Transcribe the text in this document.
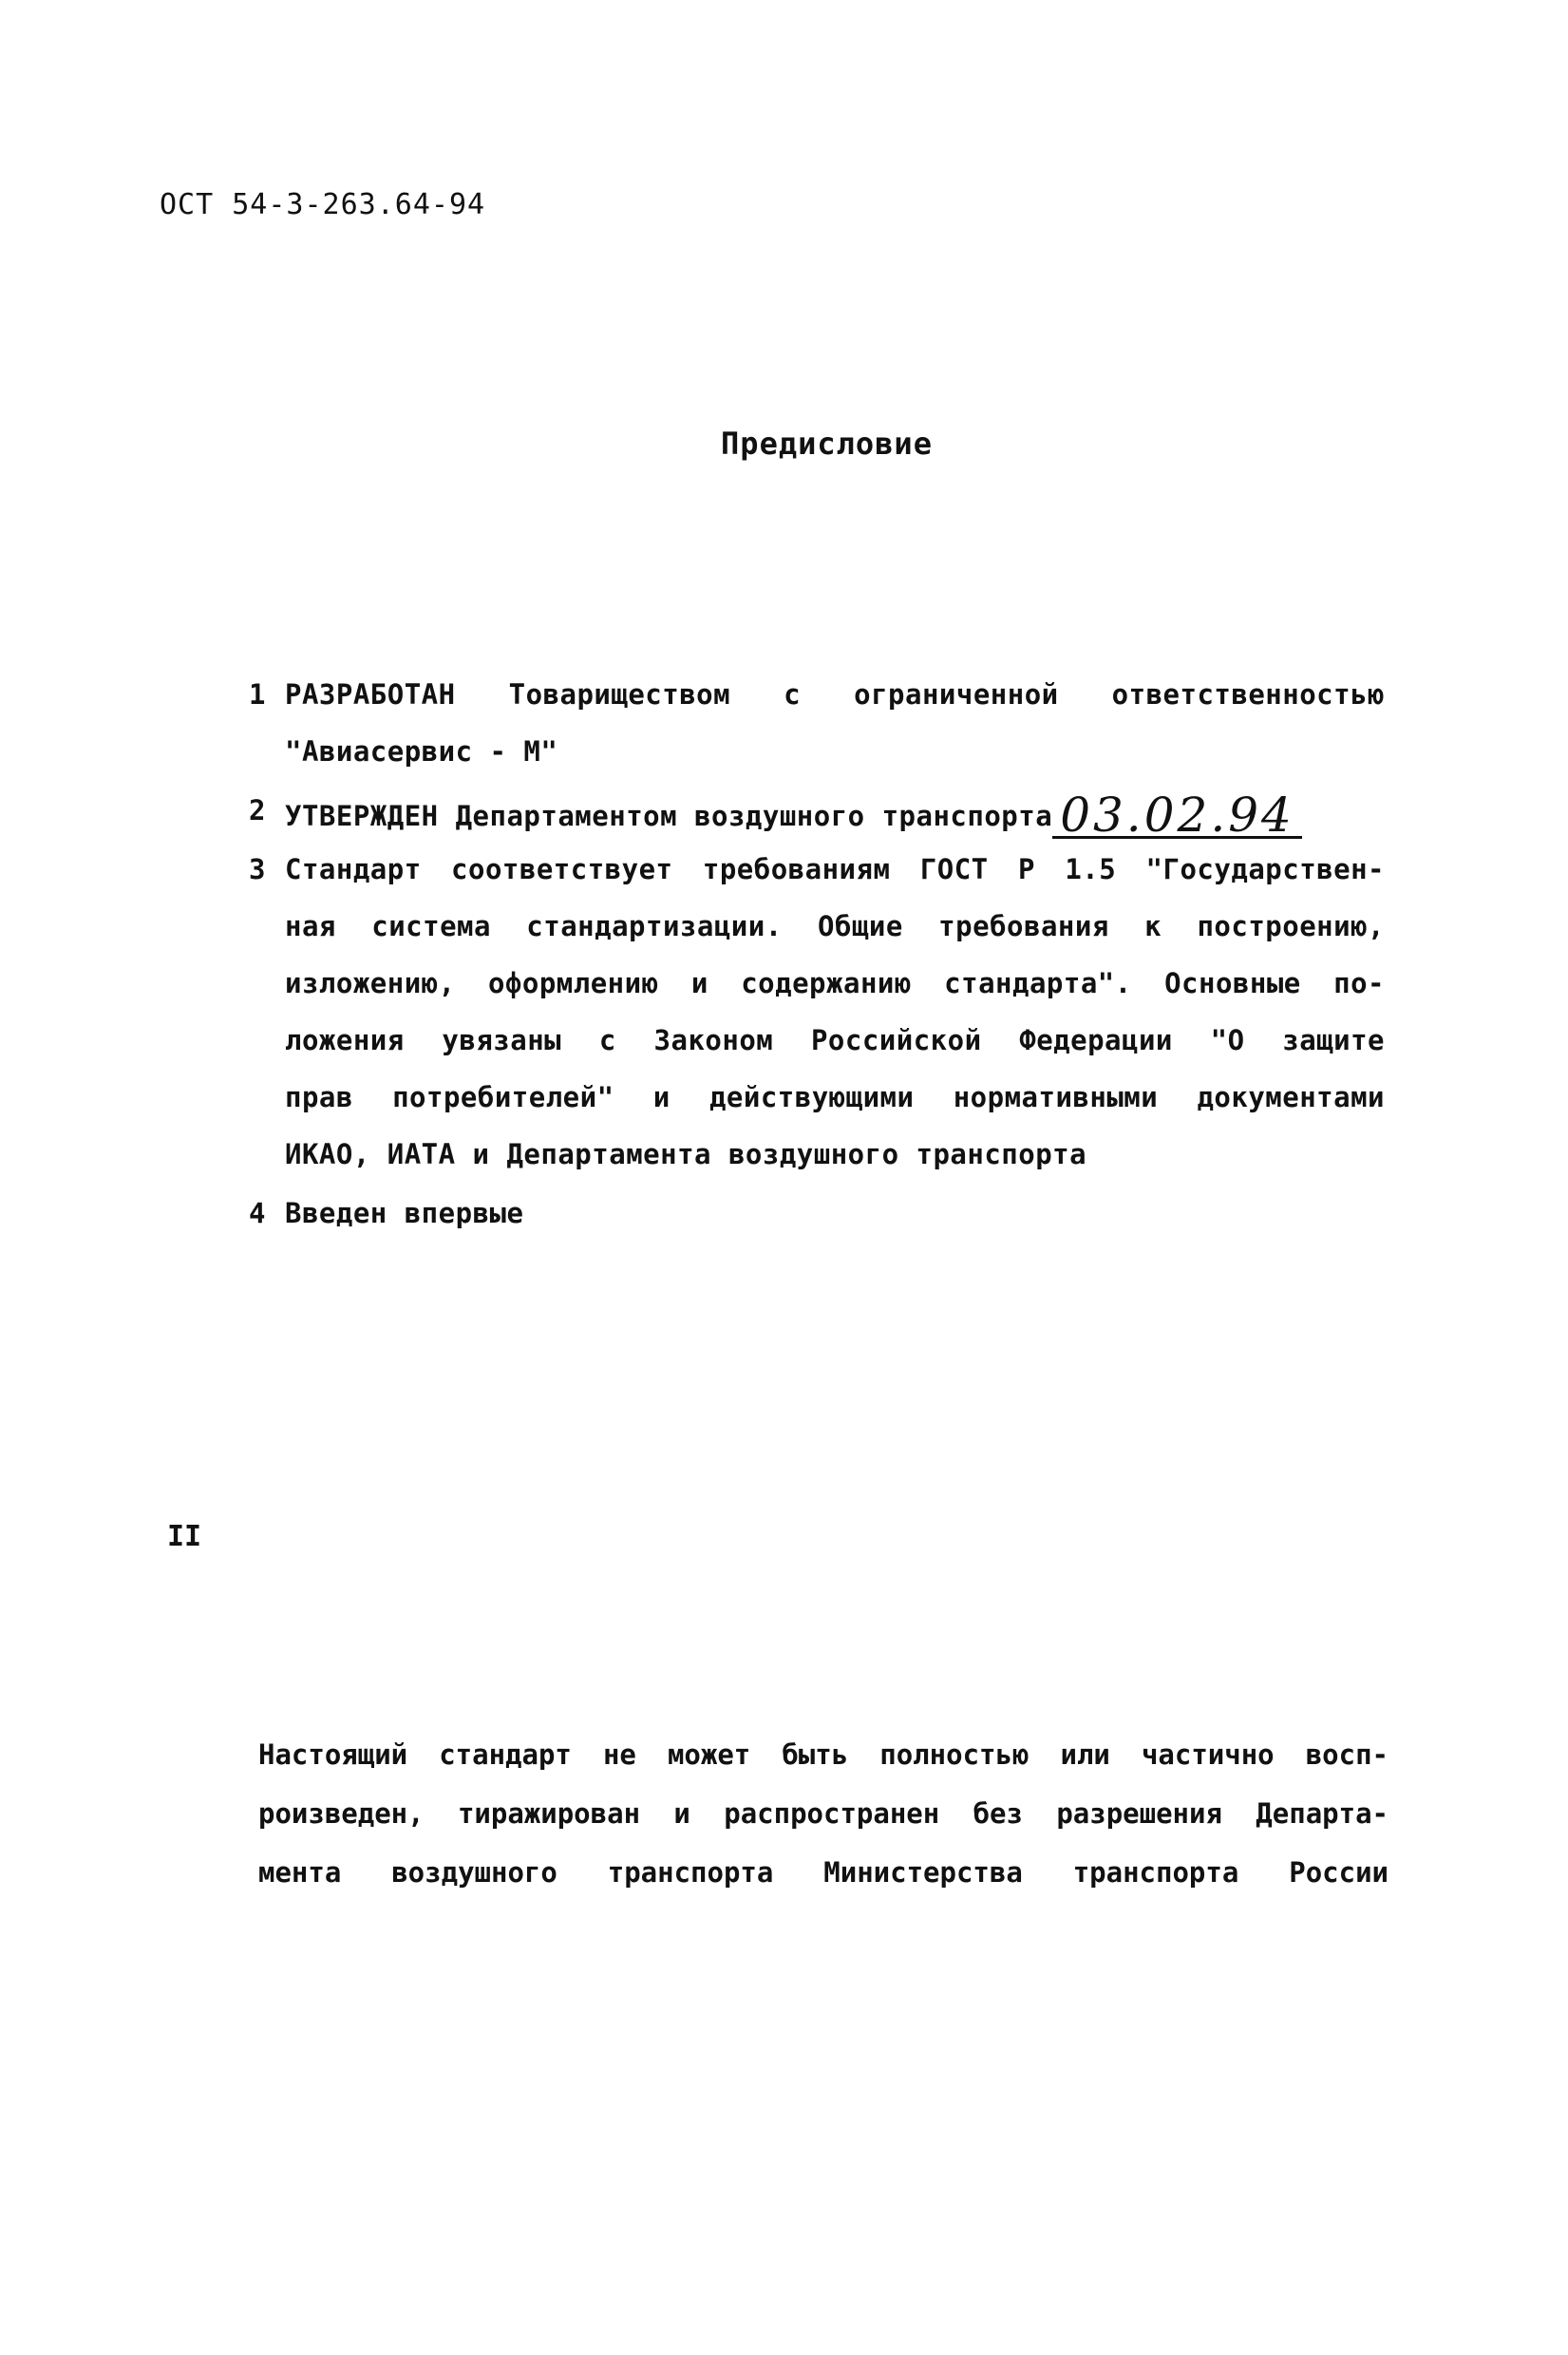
ОСТ 54-3-263.64-94
Предисловие
1 РАЗРАБОТАН Товариществом с ограниченной ответственностью
"Авиасервис - М"
2 УТВЕРЖДЕН Департаментом воздушного транспорта 03.02.94
3 Стандарт соответствует требованиям ГОСТ Р 1.5 "Государствен-
ная система стандартизации. Общие требования к построению,
изложению, оформлению и содержанию стандарта". Основные по-
ложения увязаны с Законом Российской Федерации "О защите
прав потребителей" и действующими нормативными документами
ИКАО, ИАТА и Департамента воздушного транспорта
4 Введен впервые
Настоящий стандарт не может быть полностью или частично восп-
роизведен, тиражирован и распространен без разрешения Департа-
мента воздушного транспорта Министерства транспорта России
II
